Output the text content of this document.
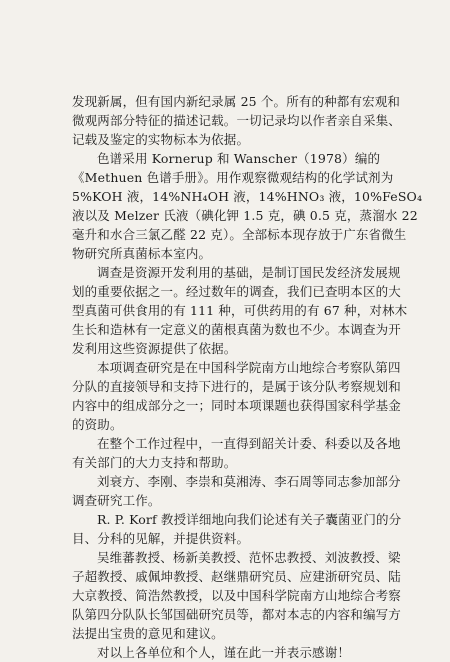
发现新属，但有国内新纪录属 25 个。所有的种都有宏观和
微观两部分特征的描述记载。一切记录均以作者亲自采集、
记载及鉴定的实物标本为依据。
色谱采用 Kornerup 和 Wanscher（1978）编的
《Methuen 色谱手册》。用作观察微观结构的化学试剂为
5%KOH 液，14%NH₄OH 液，14%HNO₃ 液，10%FeSO₄
液以及 Melzer 氏液（碘化钾 1.5 克，碘 0.5 克，蒸溜水 22
毫升和水合三氯乙醛 22 克）。全部标本现存放于广东省微生
物研究所真菌标本室内。
调查是资源开发利用的基础，是制订国民发经济发展规
划的重要依据之一。经过数年的调查，我们已查明本区的大
型真菌可供食用的有 111 种，可供药用的有 67 种，对林木
生长和造林有一定意义的菌根真菌为数也不少。本调查为开
发利用这些资源提供了依据。
本项调查研究是在中国科学院南方山地综合考察队第四
分队的直接领导和支持下进行的，是属于该分队考察规划和
内容中的组成部分之一；同时本项课题也获得国家科学基金
的资助。
在整个工作过程中，一直得到韶关计委、科委以及各地
有关部门的大力支持和帮助。
刘衰方、李刚、李崇和莫湘涛、李石周等同志参加部分
调查研究工作。
R. P. Korf 教授详细地向我们论述有关子囊菌亚门的分
目、分科的见解，并提供资料。
吴维蕃教授、杨新美教授、范怀忠教授、刘波教授、梁
子超教授、戚佩坤教授、赵继鼎研究员、应建浙研究员、陆
大京教授、简浩然教授，以及中国科学院南方山地综合考察
队第四分队队长邹国础研究员等，都对本志的内容和编写方
法提出宝贵的意见和建议。
对以上各单位和个人，谨在此一并表示感谢！
